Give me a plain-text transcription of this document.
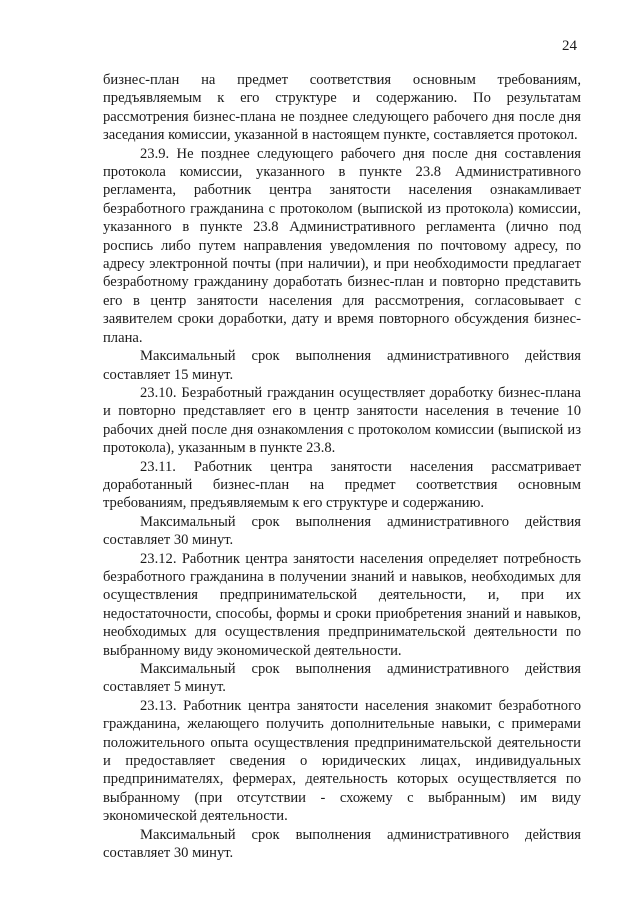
24

бизнес-план на предмет соответствия основным требованиям, предъявляемым к его структуре и содержанию. По результатам рассмотрения бизнес-плана не позднее следующего рабочего дня после дня заседания комиссии, указанной в настоящем пункте, составляется протокол.

23.9. Не позднее следующего рабочего дня после дня составления протокола комиссии, указанного в пункте 23.8 Административного регламента, работник центра занятости населения ознакамливает безработного гражданина с протоколом (выпиской из протокола) комиссии, указанного в пункте 23.8 Административного регламента (лично под роспись либо путем направления уведомления по почтовому адресу, по адресу электронной почты (при наличии), и при необходимости предлагает безработному гражданину доработать бизнес-план и повторно представить его в центр занятости населения для рассмотрения, согласовывает с заявителем сроки доработки, дату и время повторного обсуждения бизнес-плана.

Максимальный срок выполнения административного действия составляет 15 минут.

23.10. Безработный гражданин осуществляет доработку бизнес-плана и повторно представляет его в центр занятости населения в течение 10 рабочих дней после дня ознакомления с протоколом комиссии (выпиской из протокола), указанным в пункте 23.8.

23.11. Работник центра занятости населения рассматривает доработанный бизнес-план на предмет соответствия основным требованиям, предъявляемым к его структуре и содержанию.

Максимальный срок выполнения административного действия составляет 30 минут.

23.12. Работник центра занятости населения определяет потребность безработного гражданина в получении знаний и навыков, необходимых для осуществления предпринимательской деятельности, и, при их недостаточности, способы, формы и сроки приобретения знаний и навыков, необходимых для осуществления предпринимательской деятельности по выбранному виду экономической деятельности.

Максимальный срок выполнения административного действия составляет 5 минут.

23.13. Работник центра занятости населения знакомит безработного гражданина, желающего получить дополнительные навыки, с примерами положительного опыта осуществления предпринимательской деятельности и предоставляет сведения о юридических лицах, индивидуальных предпринимателях, фермерах, деятельность которых осуществляется по выбранному (при отсутствии - схожему с выбранным) им виду экономической деятельности.

Максимальный срок выполнения административного действия составляет 30 минут.
